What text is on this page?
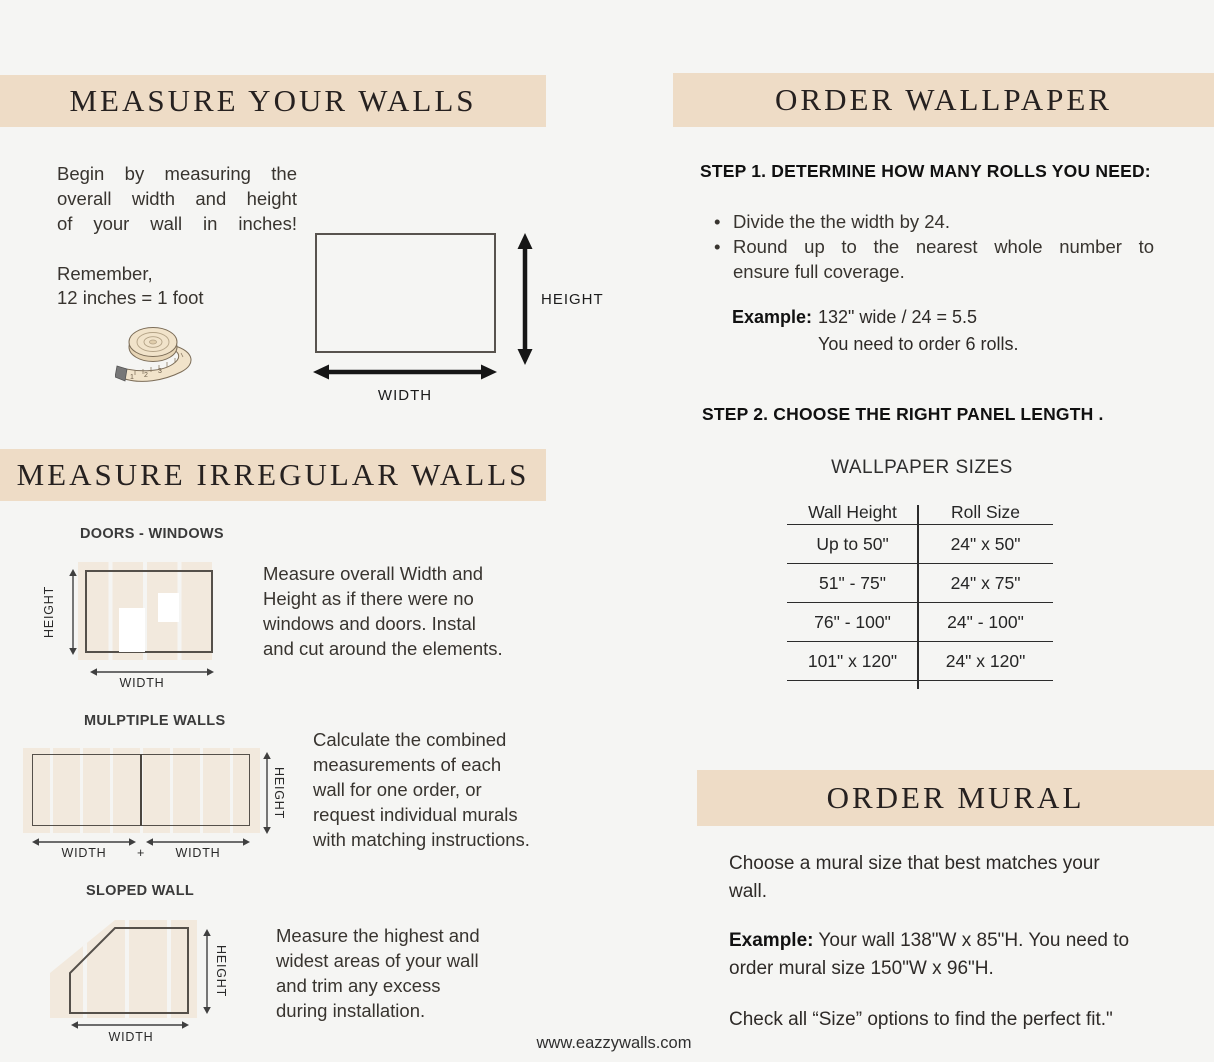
MEASURE YOUR WALLS
Begin by measuring the
overall width and height
of your wall in inches!
Remember,
12 inches = 1 foot
1 2
3
HEIGHT
WIDTH
MEASURE IRREGULAR WALLS
DOORS - WINDOWS
HEIGHT
WIDTH
Measure overall Width and
Height as if there were no
windows and doors. Instal
and cut around the elements.
MULPTIPLE WALLS
HEIGHT
WIDTH	+	WIDTH
Calculate the combined
measurements of each
wall for one order, or
request individual murals
with matching instructions.
SLOPED WALL
HEIGHT
WIDTH
Measure the highest and
widest areas of your wall
and trim any excess
during installation.
ORDER WALLPAPER
STEP 1. DETERMINE HOW MANY ROLLS YOU NEED:
• Divide the the width by 24.
• Round up to the nearest whole number to
ensure full coverage.
Example: 132" wide / 24 = 5.5
You need to order 6 rolls.
STEP 2. CHOOSE THE RIGHT PANEL LENGTH .
WALLPAPER SIZES
Wall Height	Roll Size
Up to 50"	24" x 50"
51" - 75"	24" x 75"
76" - 100"	24" - 100"
101" x 120"	24" x 120"
ORDER MURAL
Choose a mural size that best matches your
wall.
Example: Your wall 138"W x 85"H. You need to
order mural size 150"W x 96"H.
Check all “Size” options to find the perfect fit."
www.eazzywalls.com
